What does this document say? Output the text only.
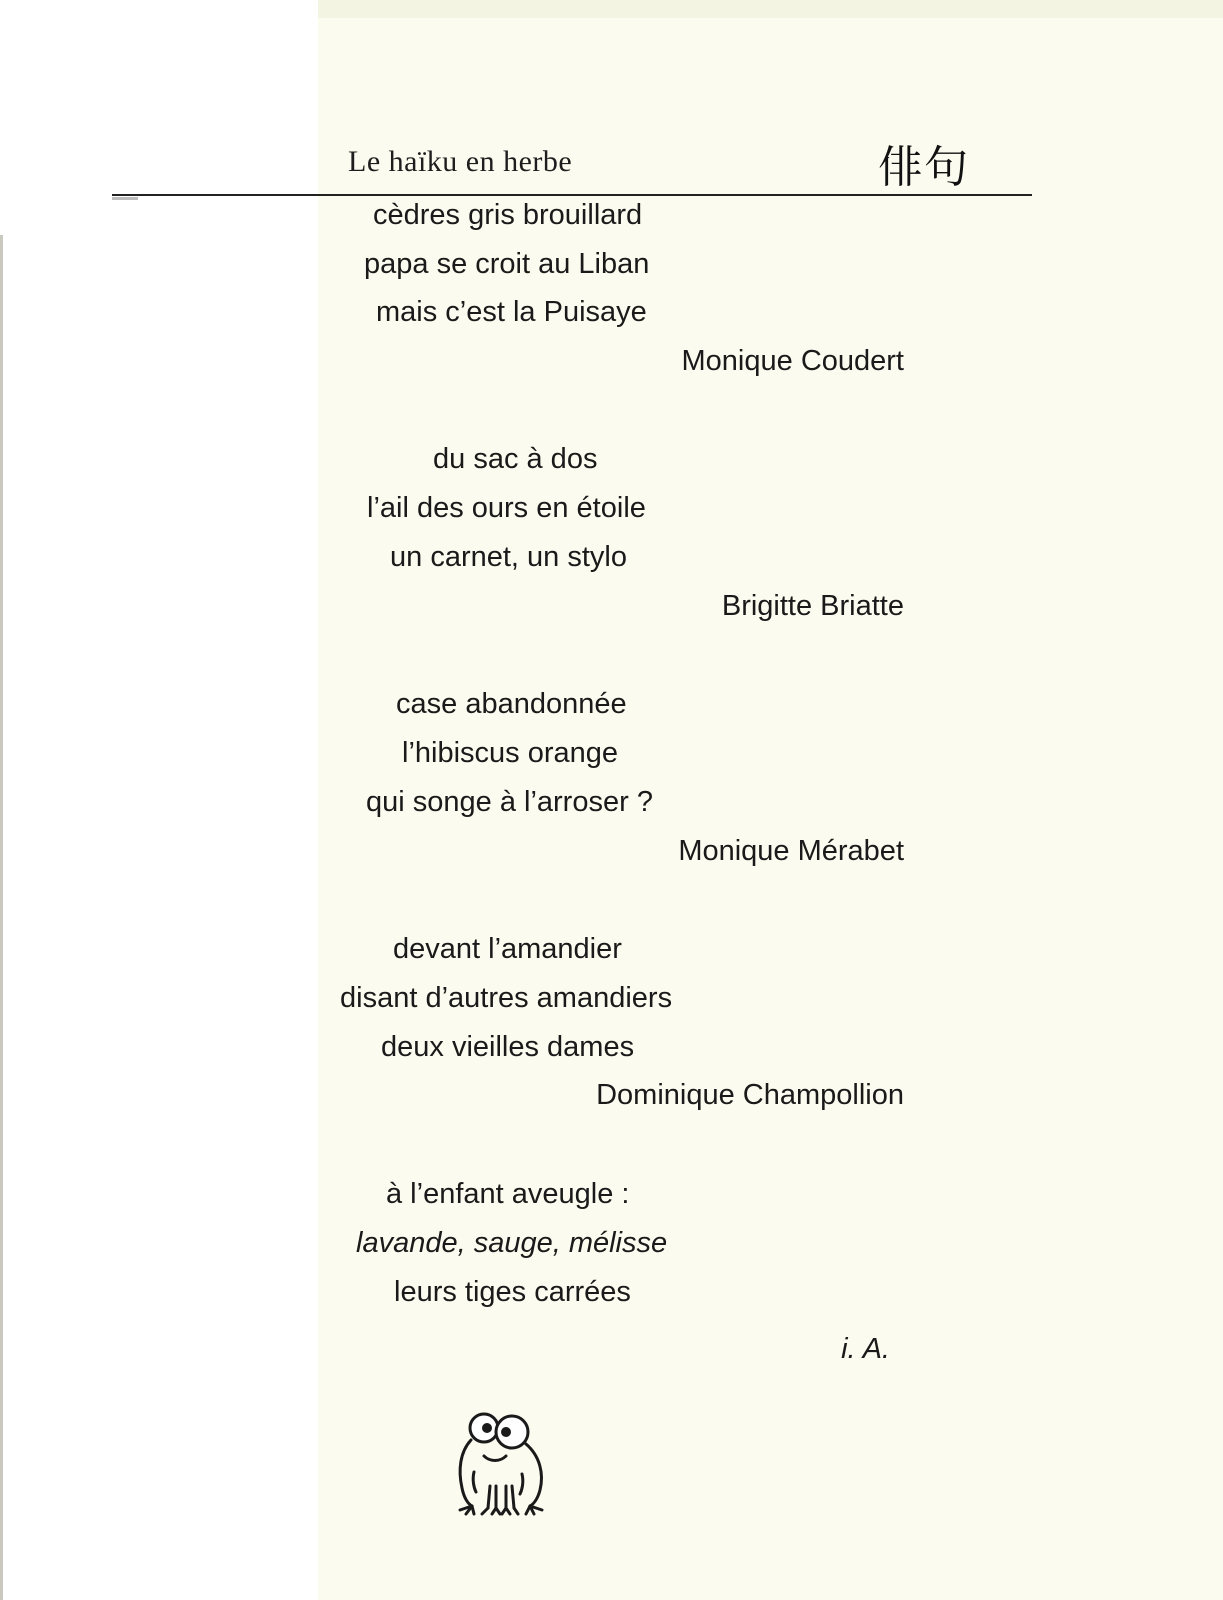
Le haïku en herbe	俳句
cèdres gris brouillard
papa se croit au Liban
mais c’est la Puisaye
Monique Coudert
du sac à dos
l’ail des ours en étoile
un carnet, un stylo
Brigitte Briatte
case abandonnée
l’hibiscus orange
qui songe à l’arroser ?
Monique Mérabet
devant l’amandier
disant d’autres amandiers
deux vieilles dames
Dominique Champollion
à l’enfant aveugle :
lavande, sauge, mélisse
leurs tiges carrées
i. A.
